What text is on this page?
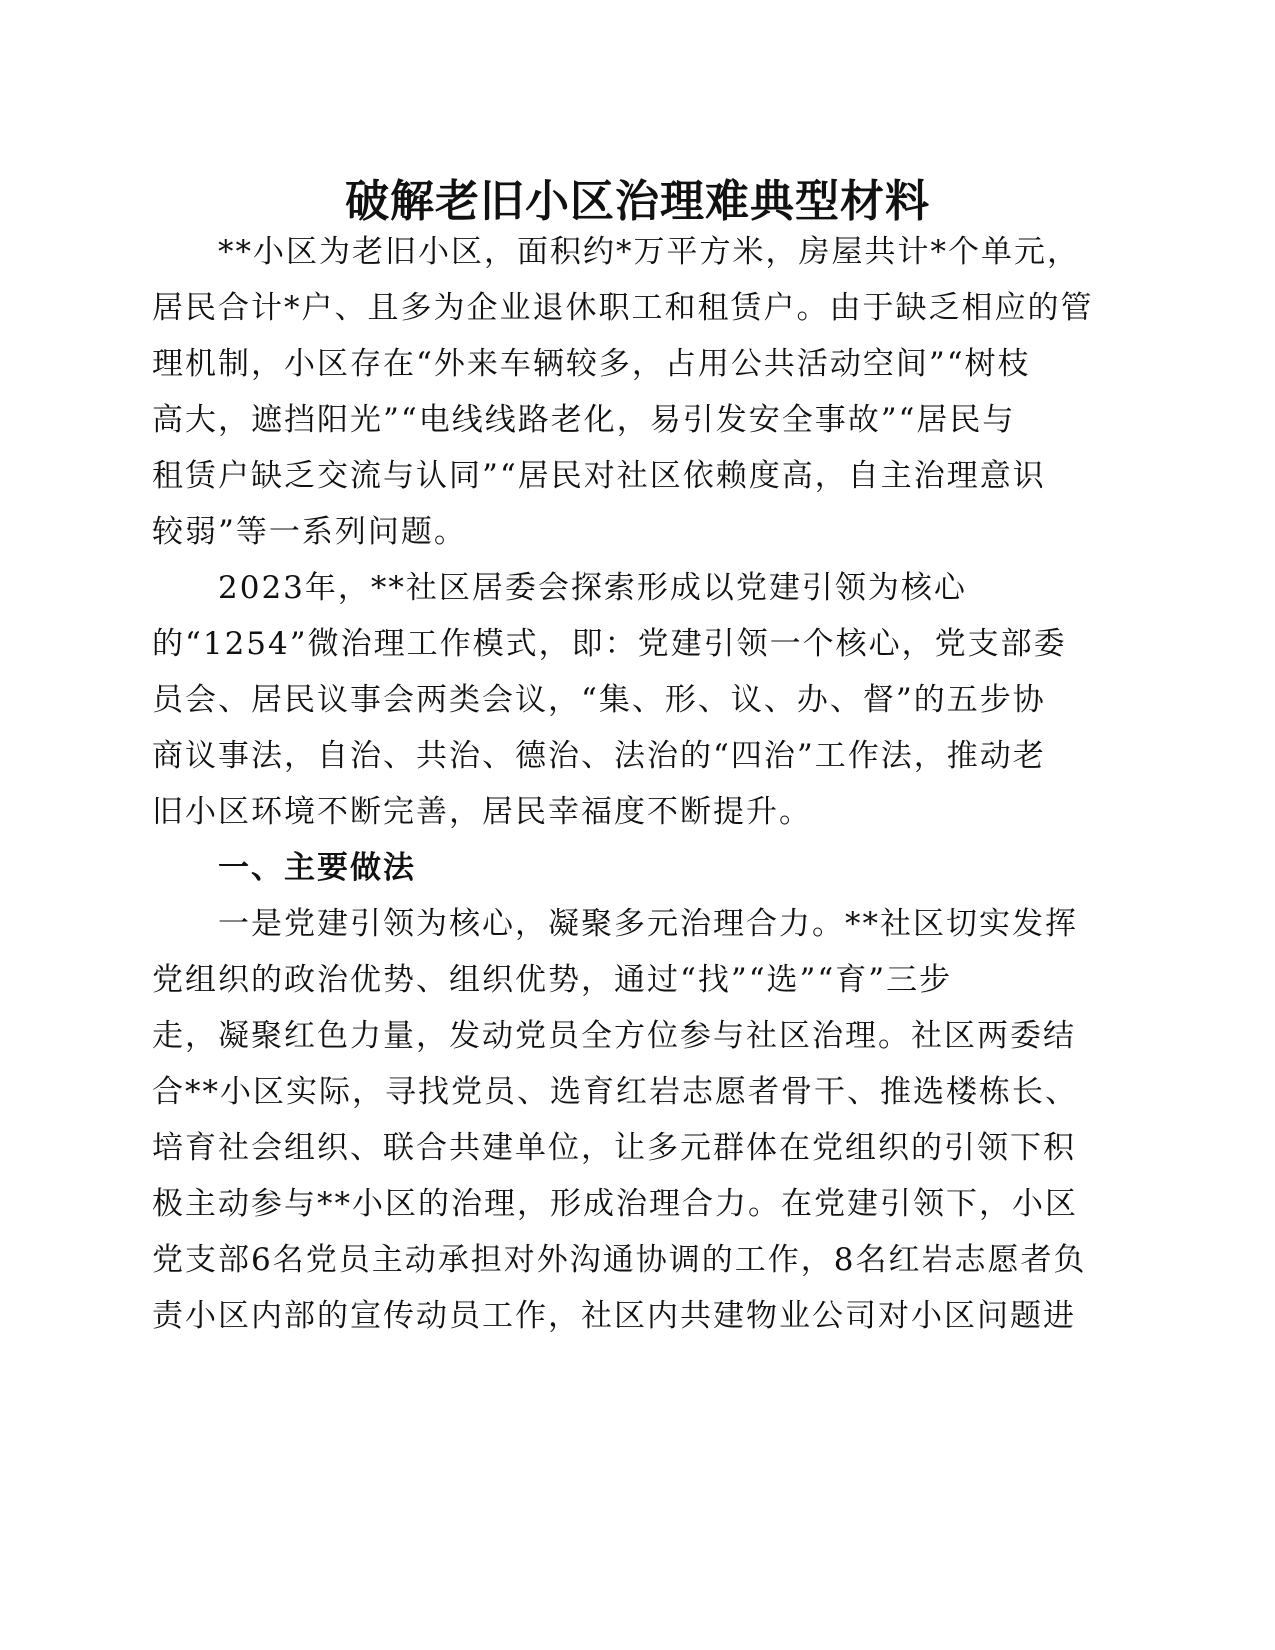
破解老旧小区治理难典型材料

　　**小区为老旧小区，面积约*万平方米，房屋共计*个单元，

居民合计*户、且多为企业退休职工和租赁户。由于缺乏相应的管

理机制，小区存在“外来车辆较多，占用公共活动空间”“树枝

高大，遮挡阳光”“电线线路老化，易引发安全事故”“居民与

租赁户缺乏交流与认同”“居民对社区依赖度高，自主治理意识

较弱”等一系列问题。

　　2023年，**社区居委会探索形成以党建引领为核心

的“1254”微治理工作模式，即：党建引领一个核心，党支部委

员会、居民议事会两类会议，“集、形、议、办、督”的五步协

商议事法，自治、共治、德治、法治的“四治”工作法，推动老

旧小区环境不断完善，居民幸福度不断提升。

　　一、主要做法

　　一是党建引领为核心，凝聚多元治理合力。**社区切实发挥

党组织的政治优势、组织优势，通过“找”“选”“育”三步

走，凝聚红色力量，发动党员全方位参与社区治理。社区两委结

合**小区实际，寻找党员、选育红岩志愿者骨干、推选楼栋长、

培育社会组织、联合共建单位，让多元群体在党组织的引领下积

极主动参与**小区的治理，形成治理合力。在党建引领下，小区

党支部6名党员主动承担对外沟通协调的工作，8名红岩志愿者负

责小区内部的宣传动员工作，社区内共建物业公司对小区问题进
